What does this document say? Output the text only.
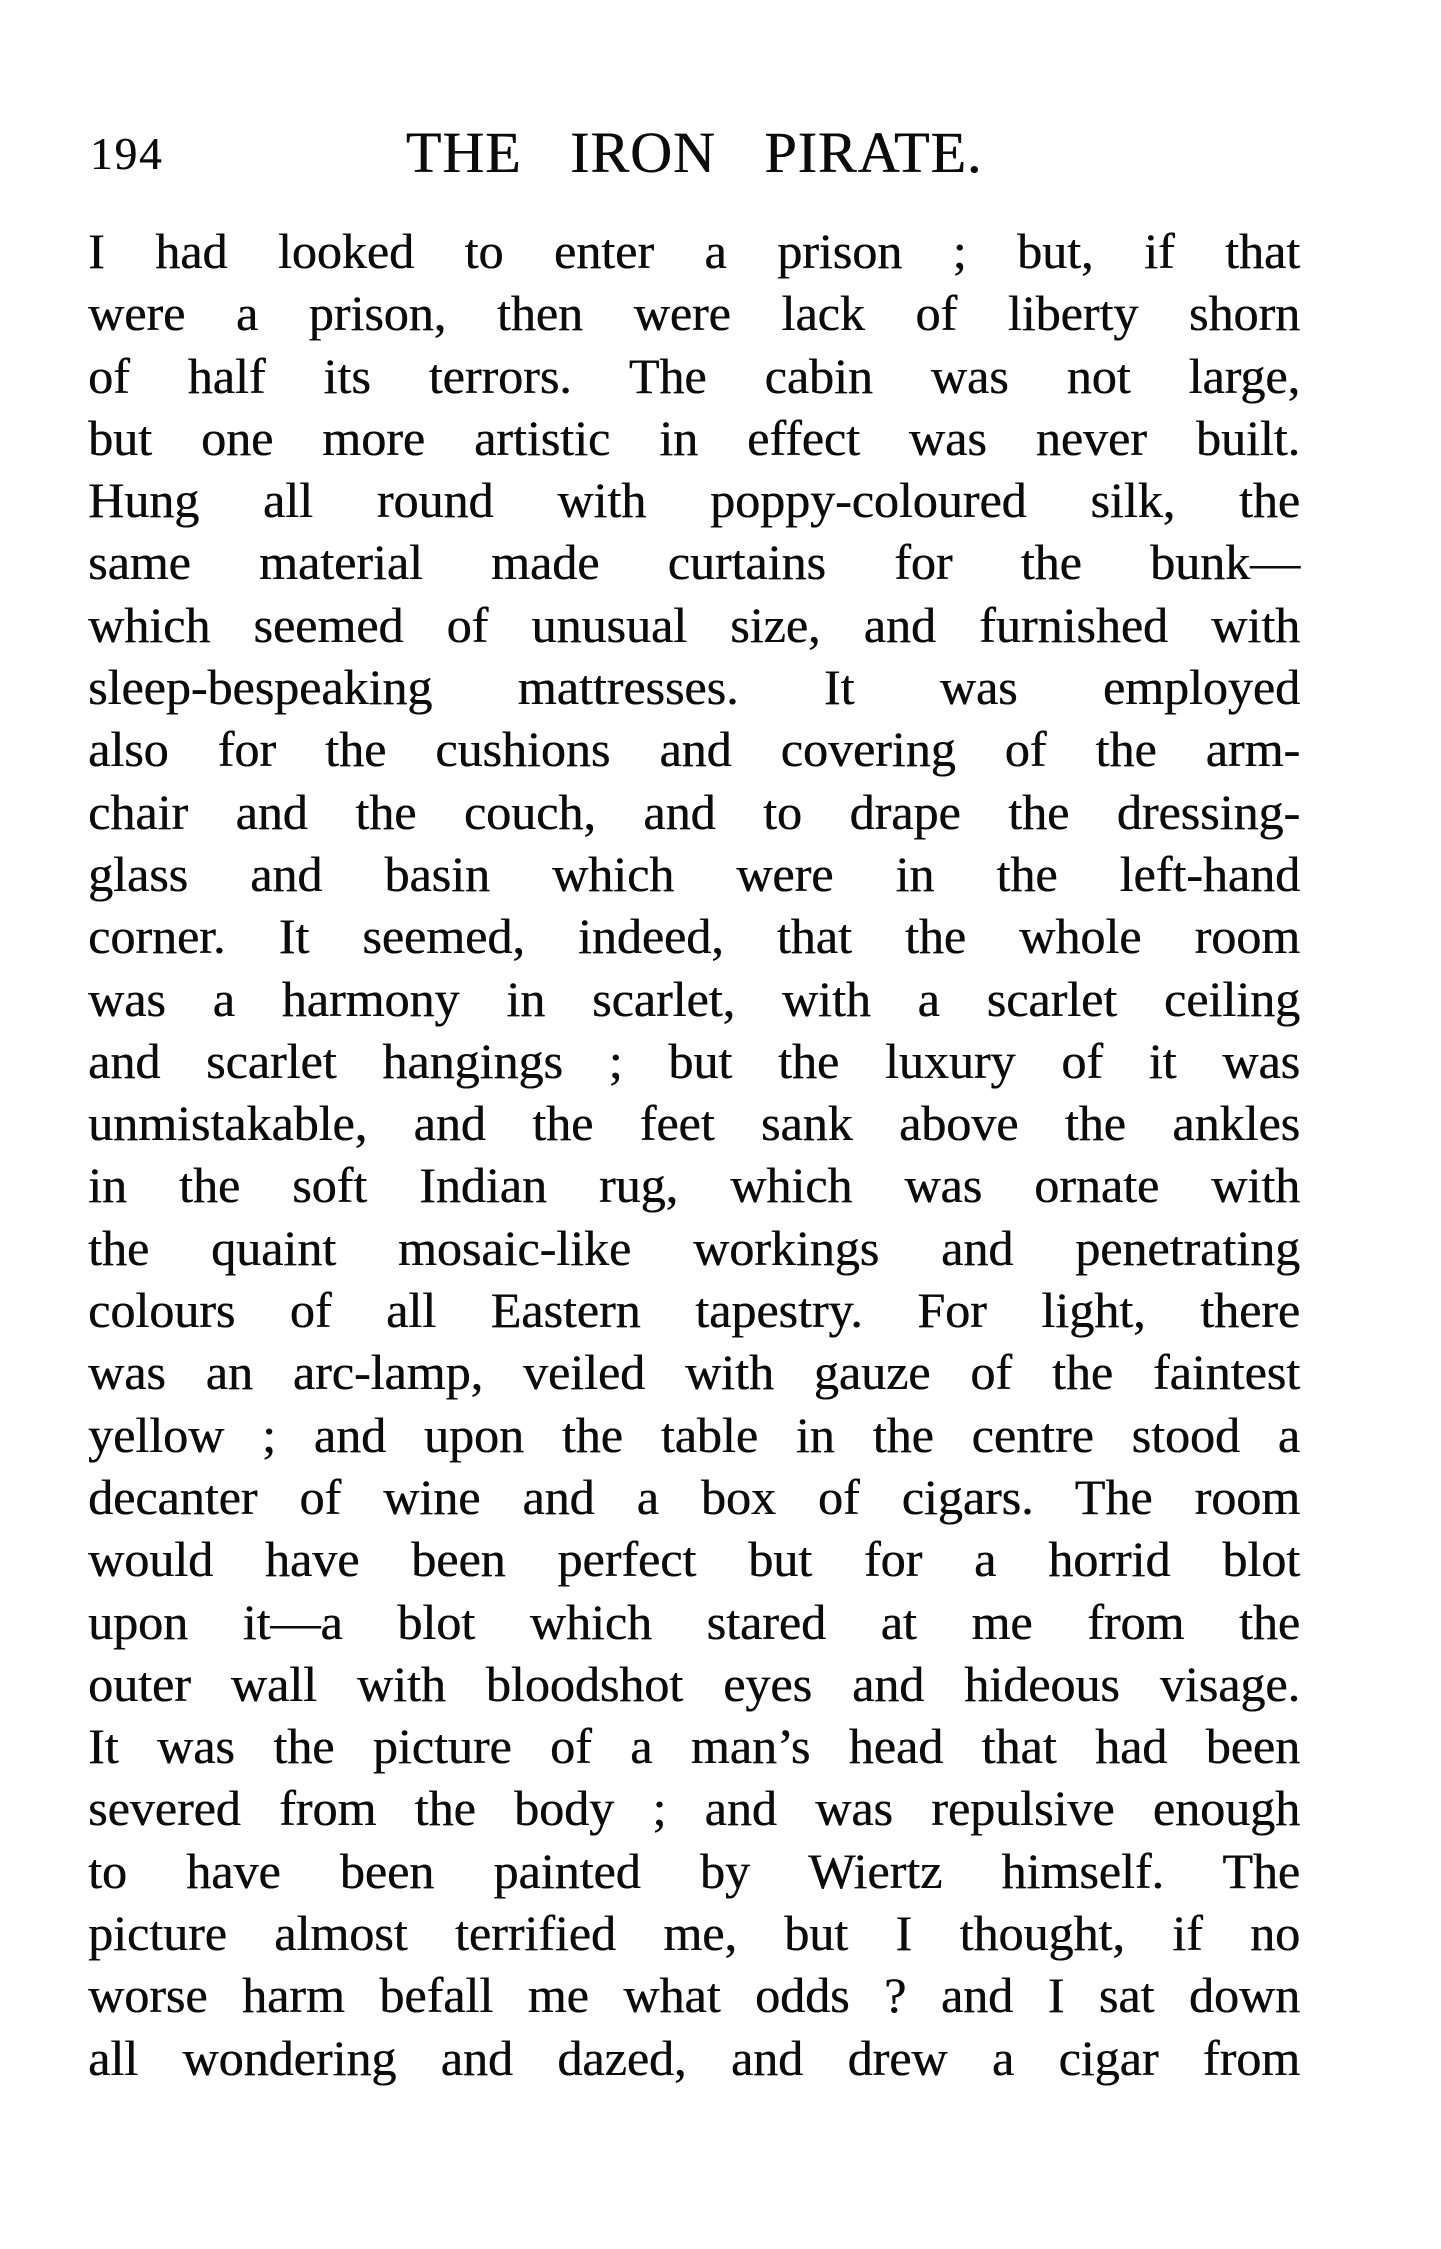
194	THE IRON PIRATE.
I had looked to enter a prison ; but, if that
were a prison, then were lack of liberty shorn
of half its terrors. The cabin was not large,
but one more artistic in effect was never built.
Hung all round with poppy-coloured silk, the
same material made curtains for the bunk—
which seemed of unusual size, and furnished with
sleep-bespeaking mattresses. It was employed
also for the cushions and covering of the arm-
chair and the couch, and to drape the dressing-
glass and basin which were in the left-hand
corner. It seemed, indeed, that the whole room
was a harmony in scarlet, with a scarlet ceiling
and scarlet hangings ; but the luxury of it was
unmistakable, and the feet sank above the ankles
in the soft Indian rug, which was ornate with
the quaint mosaic-like workings and penetrating
colours of all Eastern tapestry. For light, there
was an arc-lamp, veiled with gauze of the faintest
yellow ; and upon the table in the centre stood a
decanter of wine and a box of cigars. The room
would have been perfect but for a horrid blot
upon it—a blot which stared at me from the
outer wall with bloodshot eyes and hideous visage.
It was the picture of a man’s head that had been
severed from the body ; and was repulsive enough
to have been painted by Wiertz himself. The
picture almost terrified me, but I thought, if no
worse harm befall me what odds ? and I sat down
all wondering and dazed, and drew a cigar from
